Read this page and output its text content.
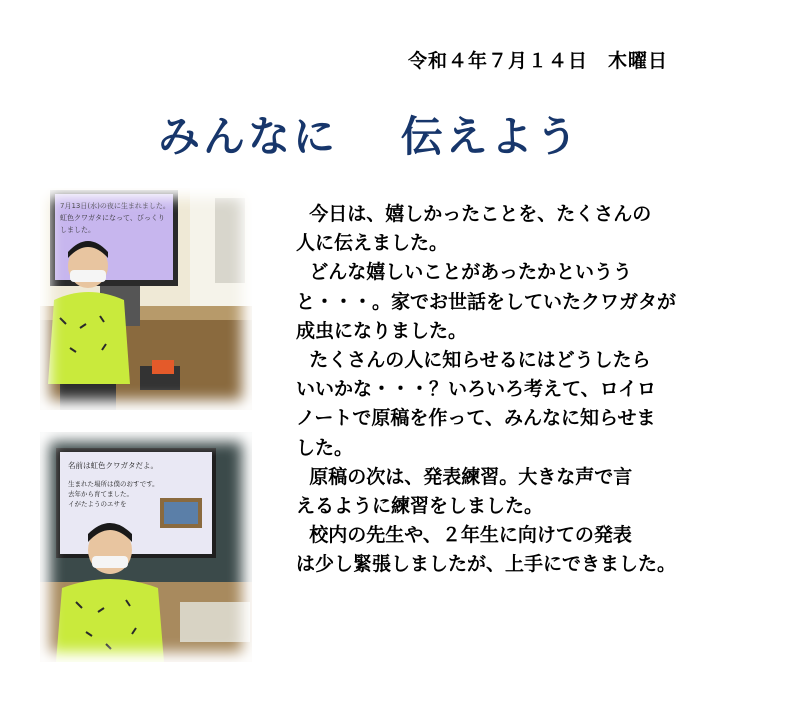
令和４年７月１４日　木曜日
みんなに　 伝えよう
7月13日(水)の夜に生まれました。
虹色クワガタになって、びっくり
しました。
名前は虹色クワガタだよ。
生まれた場所は僕のおすです。
去年から育てました。
イがたようのエサを
今日は、嬉しかったことを、たくさんの
人に伝えました。
どんな嬉しいことがあったかというう
と・・・。家でお世話をしていたクワガタが
成虫になりました。
たくさんの人に知らせるにはどうしたら
いいかな・・・？いろいろ考えて、ロイロ
ノートで原稿を作って、みんなに知らせま
した。
原稿の次は、発表練習。大きな声で言
えるように練習をしました。
校内の先生や、２年生に向けての発表
は少し緊張しましたが、上手にできました。
